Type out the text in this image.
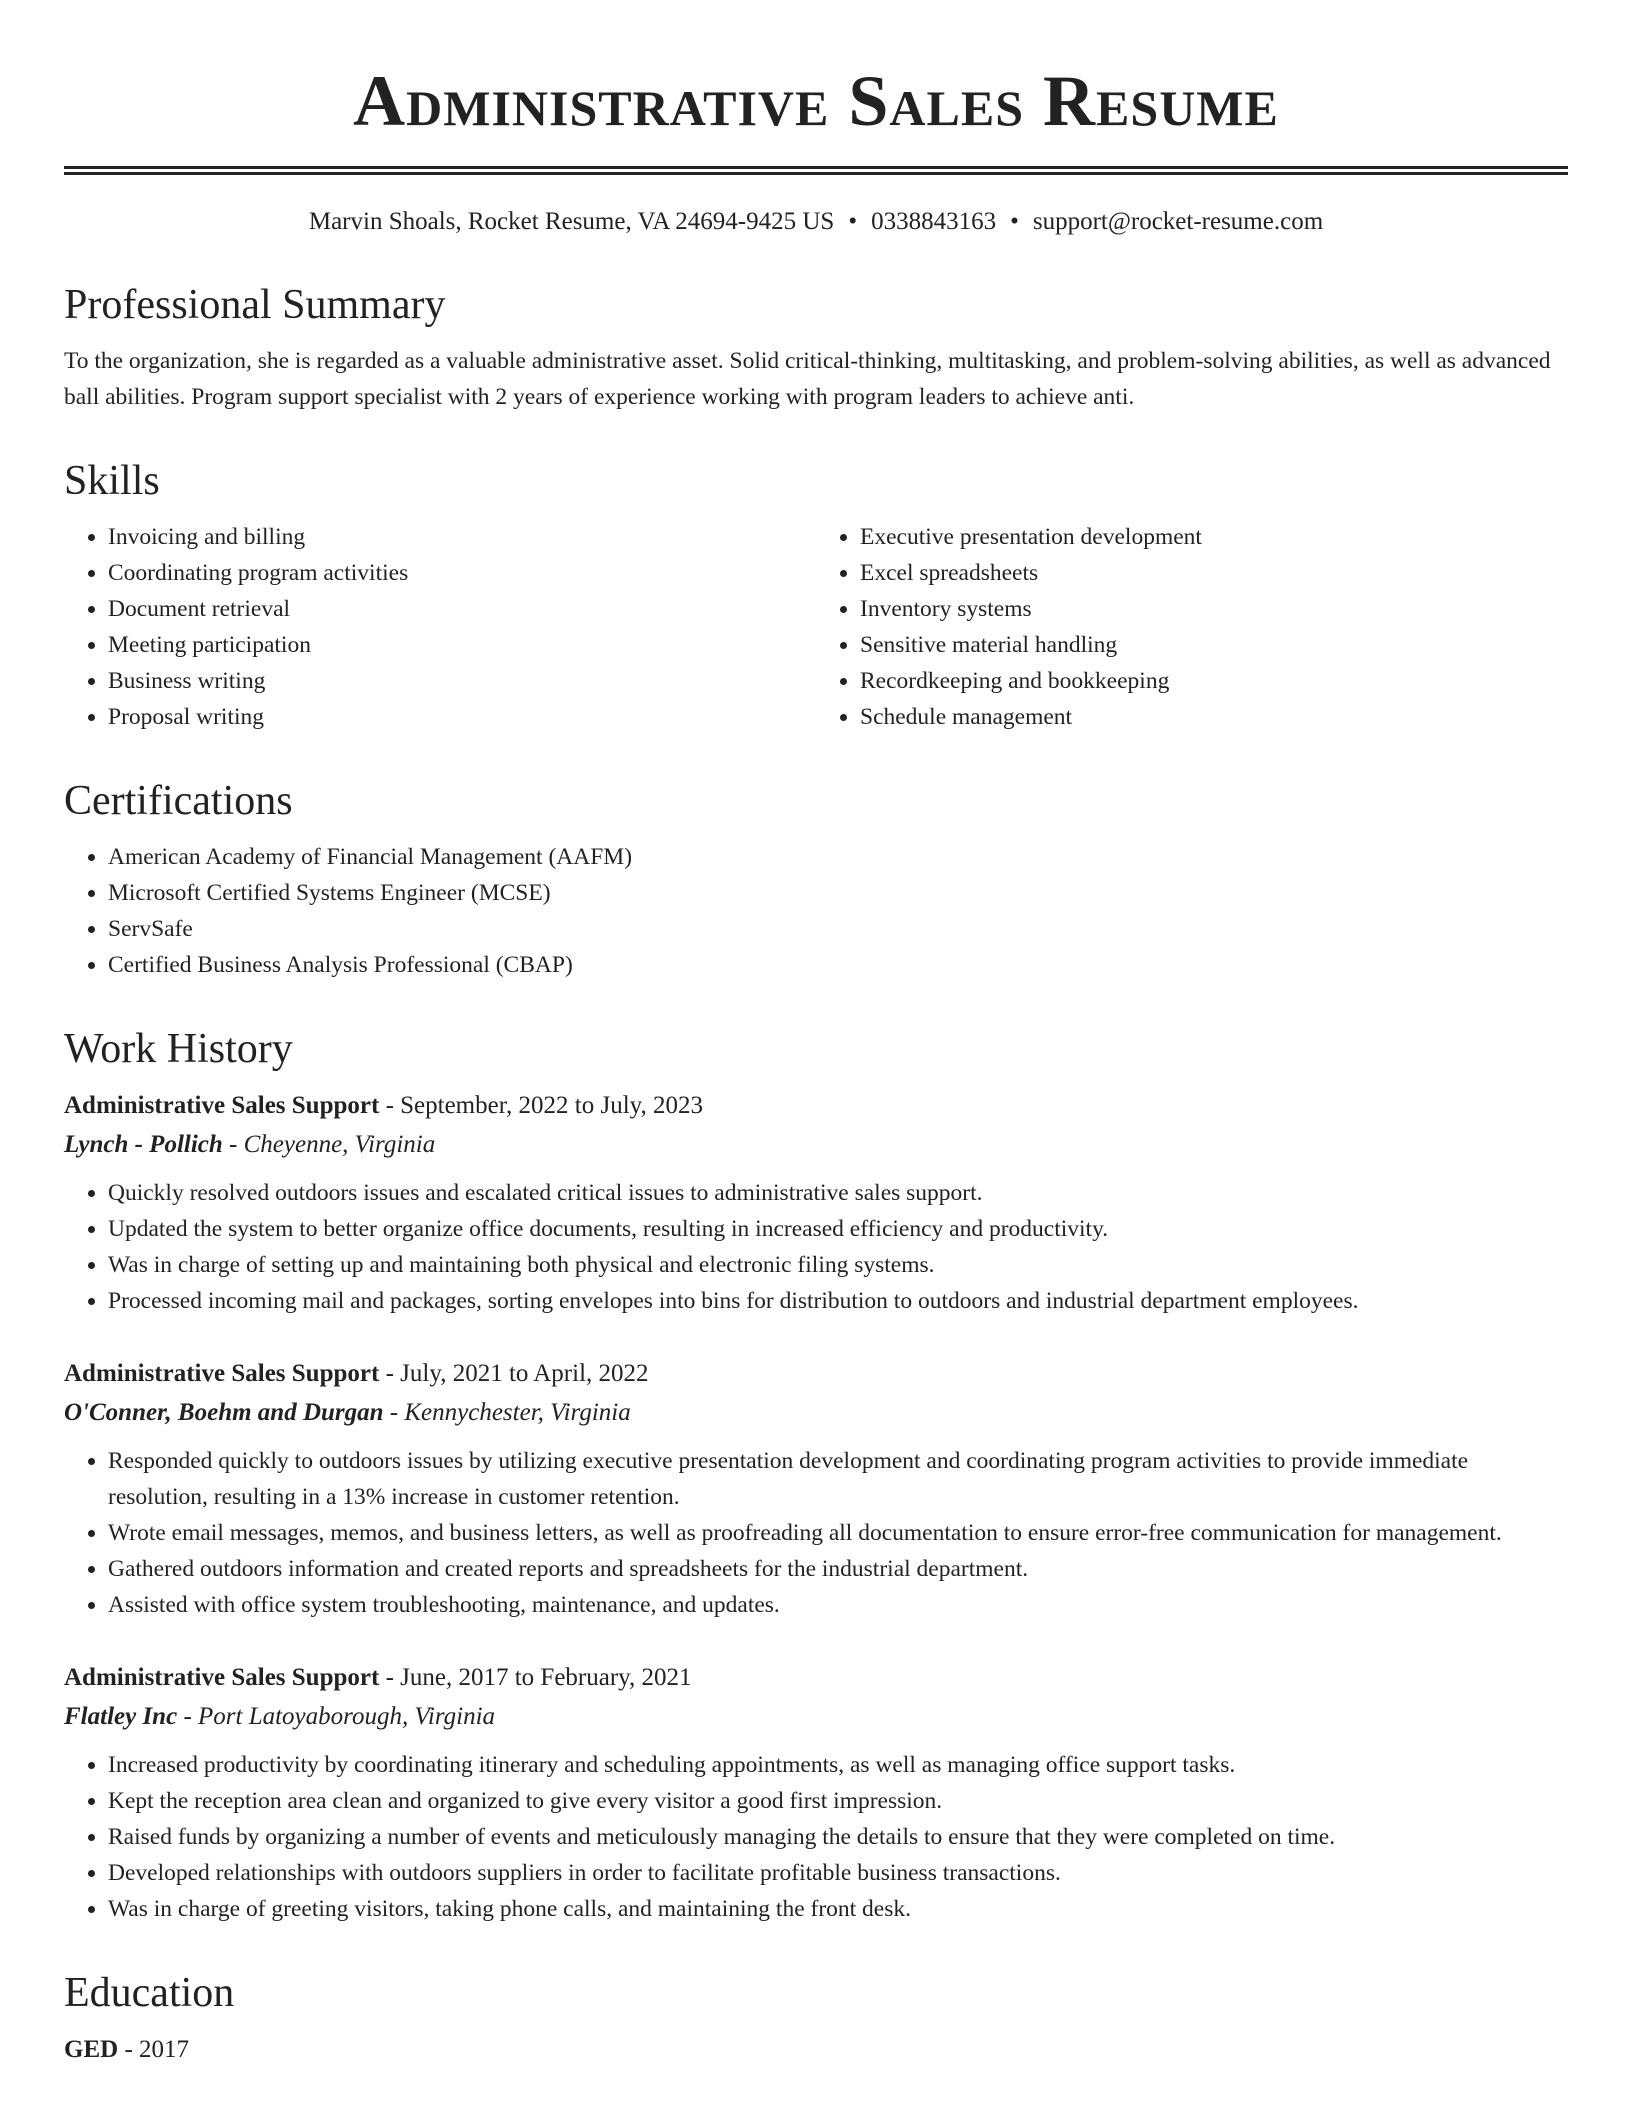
Administrative Sales Resume
Marvin Shoals, Rocket Resume, VA 24694-9425 US • 0338843163 • support@rocket-resume.com
Professional Summary

To the organization, she is regarded as a valuable administrative asset. Solid critical-thinking, multitasking, and problem-solving abilities, as well as advanced ball abilities. Program support specialist with 2 years of experience working with program leaders to achieve anti.

Skills
• Invoicing and billing
• Coordinating program activities
• Document retrieval
• Meeting participation
• Business writing
• Proposal writing
• Executive presentation development
• Excel spreadsheets
• Inventory systems
• Sensitive material handling
• Recordkeeping and bookkeeping
• Schedule management
Certifications
• American Academy of Financial Management (AAFM)
• Microsoft Certified Systems Engineer (MCSE)
• ServSafe
• Certified Business Analysis Professional (CBAP)
Work History
Administrative Sales Support - September, 2022 to July, 2023
Lynch - Pollich - Cheyenne, Virginia
• Quickly resolved outdoors issues and escalated critical issues to administrative sales support.
• Updated the system to better organize office documents, resulting in increased efficiency and productivity.
• Was in charge of setting up and maintaining both physical and electronic filing systems.
• Processed incoming mail and packages, sorting envelopes into bins for distribution to outdoors and industrial department employees.
Administrative Sales Support - July, 2021 to April, 2022
O'Conner, Boehm and Durgan - Kennychester, Virginia
• Responded quickly to outdoors issues by utilizing executive presentation development and coordinating program activities to provide immediate resolution, resulting in a 13% increase in customer retention.
• Wrote email messages, memos, and business letters, as well as proofreading all documentation to ensure error-free communication for management.
• Gathered outdoors information and created reports and spreadsheets for the industrial department.
• Assisted with office system troubleshooting, maintenance, and updates.
Administrative Sales Support - June, 2017 to February, 2021
Flatley Inc - Port Latoyaborough, Virginia
• Increased productivity by coordinating itinerary and scheduling appointments, as well as managing office support tasks.
• Kept the reception area clean and organized to give every visitor a good first impression.
• Raised funds by organizing a number of events and meticulously managing the details to ensure that they were completed on time.
• Developed relationships with outdoors suppliers in order to facilitate profitable business transactions.
• Was in charge of greeting visitors, taking phone calls, and maintaining the front desk.
Education
GED - 2017
